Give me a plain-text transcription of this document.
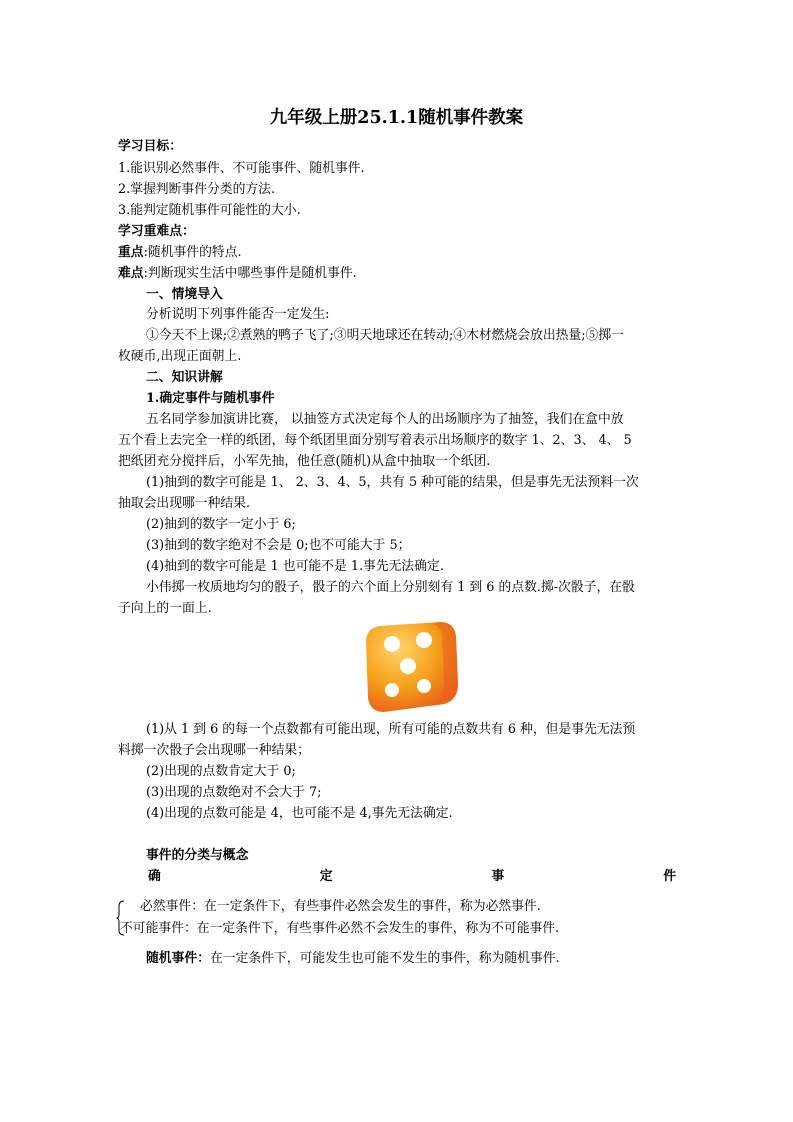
九年级上册25.1.1随机事件教案
学习目标：
1.能识别必然事件、不可能事件、随机事件.
2.掌握判断事件分类的方法.
3.能判定随机事件可能性的大小.
学习重难点：
重点:随机事件的特点.
难点:判断现实生活中哪些事件是随机事件.
一、情境导入
分析说明下列事件能否一定发生:
①今天不上课;②煮熟的鸭子飞了;③明天地球还在转动;④木材燃烧会放出热量;⑤掷一
枚硬币,出现正面朝上.
二、知识讲解
1.确定事件与随机事件
五名同学参加演讲比赛， 以抽签方式决定每个人的出场顺序为了抽签，我们在盒中放
五个看上去完全一样的纸团，每个纸团里面分别写着表示出场顺序的数字 1、2、3、 4、 5
把纸团充分搅拌后，小军先抽，他任意(随机)从盒中抽取一个纸团.
(1)抽到的数字可能是 1、 2、3、4、5，共有 5 种可能的结果，但是事先无法预料一次
抽取会出现哪一种结果.
(2)抽到的数字一定小于 6;
(3)抽到的数字绝对不会是 0;也不可能大于 5；
(4)抽到的数字可能是 1 也可能不是 1.事先无法确定.
小伟掷一枚质地均匀的骰子，骰子的六个面上分别刻有 1 到 6 的点数.掷-次骰子，在骰
子向上的一面上.
(1)从 1 到 6 的每一个点数都有可能出现，所有可能的点数共有 6 种，但是事先无法预
料掷一次骰子会出现哪一种结果；
(2)出现的点数肯定大于 0;
(3)出现的点数绝对不会大于 7;
(4)出现的点数可能是 4，也可能不是 4,事先无法确定.
事件的分类与概念
确	定	事	件
必然事件：在一定条件下，有些事件必然会发生的事件，称为必然事件.
不可能事件：在一定条件下，有些事件必然不会发生的事件，称为不可能事件.
随机事件：在一定条件下，可能发生也可能不发生的事件，称为随机事件.
